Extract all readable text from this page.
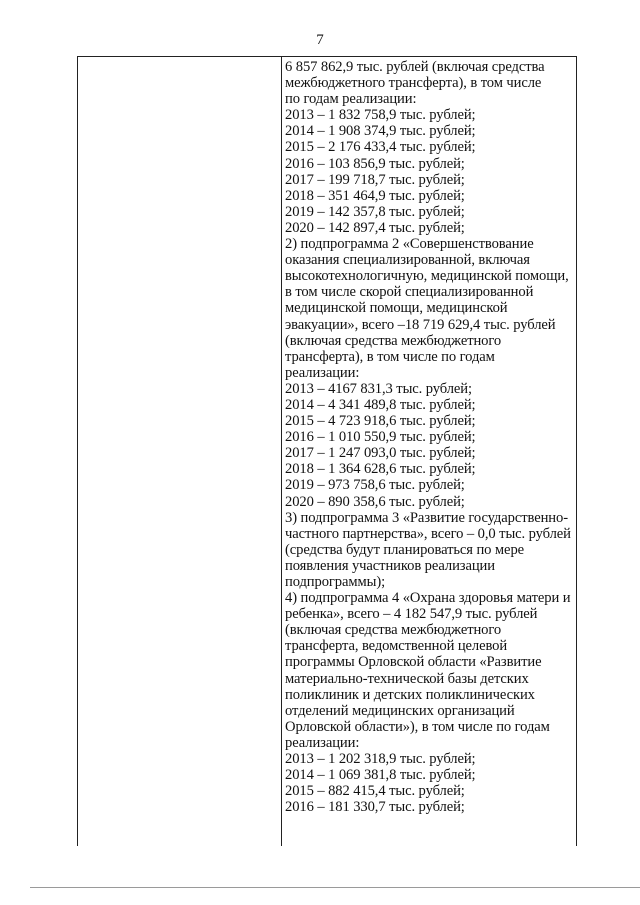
7
6 857 862,9 тыс. рублей (включая средства
межбюджетного трансферта), в том числе
по годам реализации:
2013 – 1 832 758,9 тыс. рублей;
2014 – 1 908 374,9 тыс. рублей;
2015 – 2 176 433,4 тыс. рублей;
2016 – 103 856,9 тыс. рублей;
2017 – 199 718,7 тыс. рублей;
2018 – 351 464,9 тыс. рублей;
2019 – 142 357,8 тыс. рублей;
2020 – 142 897,4 тыс. рублей;
2) подпрограмма 2 «Совершенствование
оказания специализированной, включая
высокотехнологичную, медицинской помощи,
в том числе скорой специализированной
медицинской помощи, медицинской
эвакуации», всего –18 719 629,4 тыс. рублей
(включая средства межбюджетного
трансферта), в том числе по годам
реализации:
2013 – 4167 831,3 тыс. рублей;
2014 – 4 341 489,8 тыс. рублей;
2015 – 4 723 918,6 тыс. рублей;
2016 – 1 010 550,9 тыс. рублей;
2017 – 1 247 093,0 тыс. рублей;
2018 – 1 364 628,6 тыс. рублей;
2019 – 973 758,6 тыс. рублей;
2020 – 890 358,6 тыс. рублей;
3) подпрограмма 3 «Развитие государственно-
частного партнерства», всего – 0,0 тыс. рублей
(средства будут планироваться по мере
появления участников реализации
подпрограммы);
4) подпрограмма 4 «Охрана здоровья матери и
ребенка», всего – 4 182 547,9 тыс. рублей
(включая средства межбюджетного
трансферта, ведомственной целевой
программы Орловской области «Развитие
материально-технической базы детских
поликлиник и детских поликлинических
отделений медицинских организаций
Орловской области»), в том числе по годам
реализации:
2013 – 1 202 318,9 тыс. рублей;
2014 – 1 069 381,8 тыс. рублей;
2015 – 882 415,4 тыс. рублей;
2016 – 181 330,7 тыс. рублей;
